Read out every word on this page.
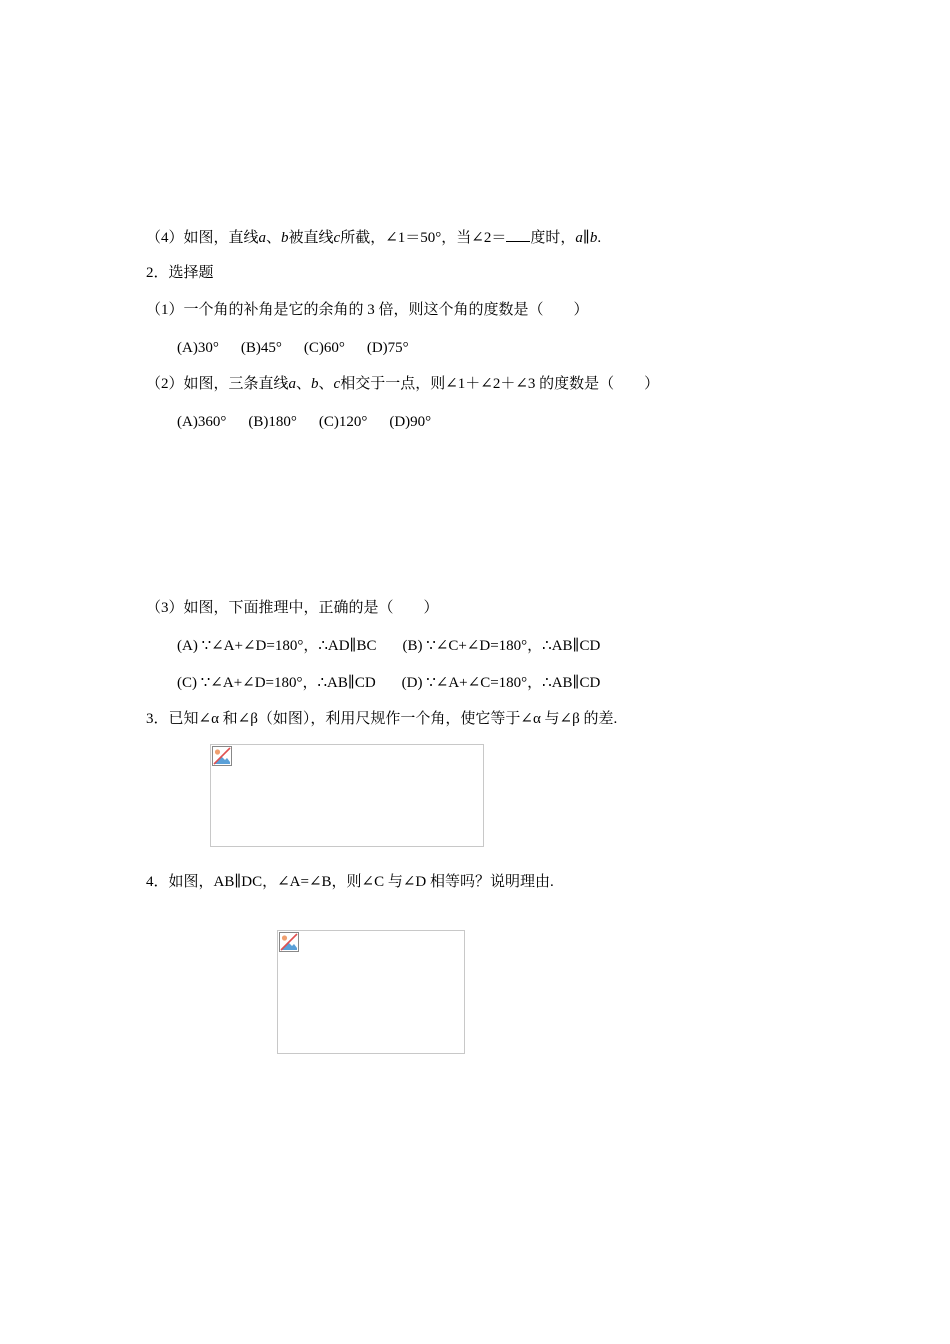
（4）如图，直线a、b被直线c所截，∠1＝50°，当∠2＝ 度时，a∥b.
2．选择题
（1）一个角的补角是它的余角的 3 倍，则这个角的度数是（　　）
(A)30° (B)45° (C)60° (D)75°
（2）如图，三条直线a、b、c相交于一点，则∠1＋∠2＋∠3 的度数是（　　）
(A)360° (B)180° (C)120° (D)90°
（3）如图，下面推理中，正确的是（　　）
(A) ∵∠A+∠D=180°，∴AD∥BC (B) ∵∠C+∠D=180°，∴AB∥CD
(C) ∵∠A+∠D=180°，∴AB∥CD (D) ∵∠A+∠C=180°，∴AB∥CD
3．已知∠α 和∠β（如图），利用尺规作一个角，使它等于∠α 与∠β 的差.
4．如图，AB∥DC，∠A=∠B，则∠C 与∠D 相等吗？说明理由.
